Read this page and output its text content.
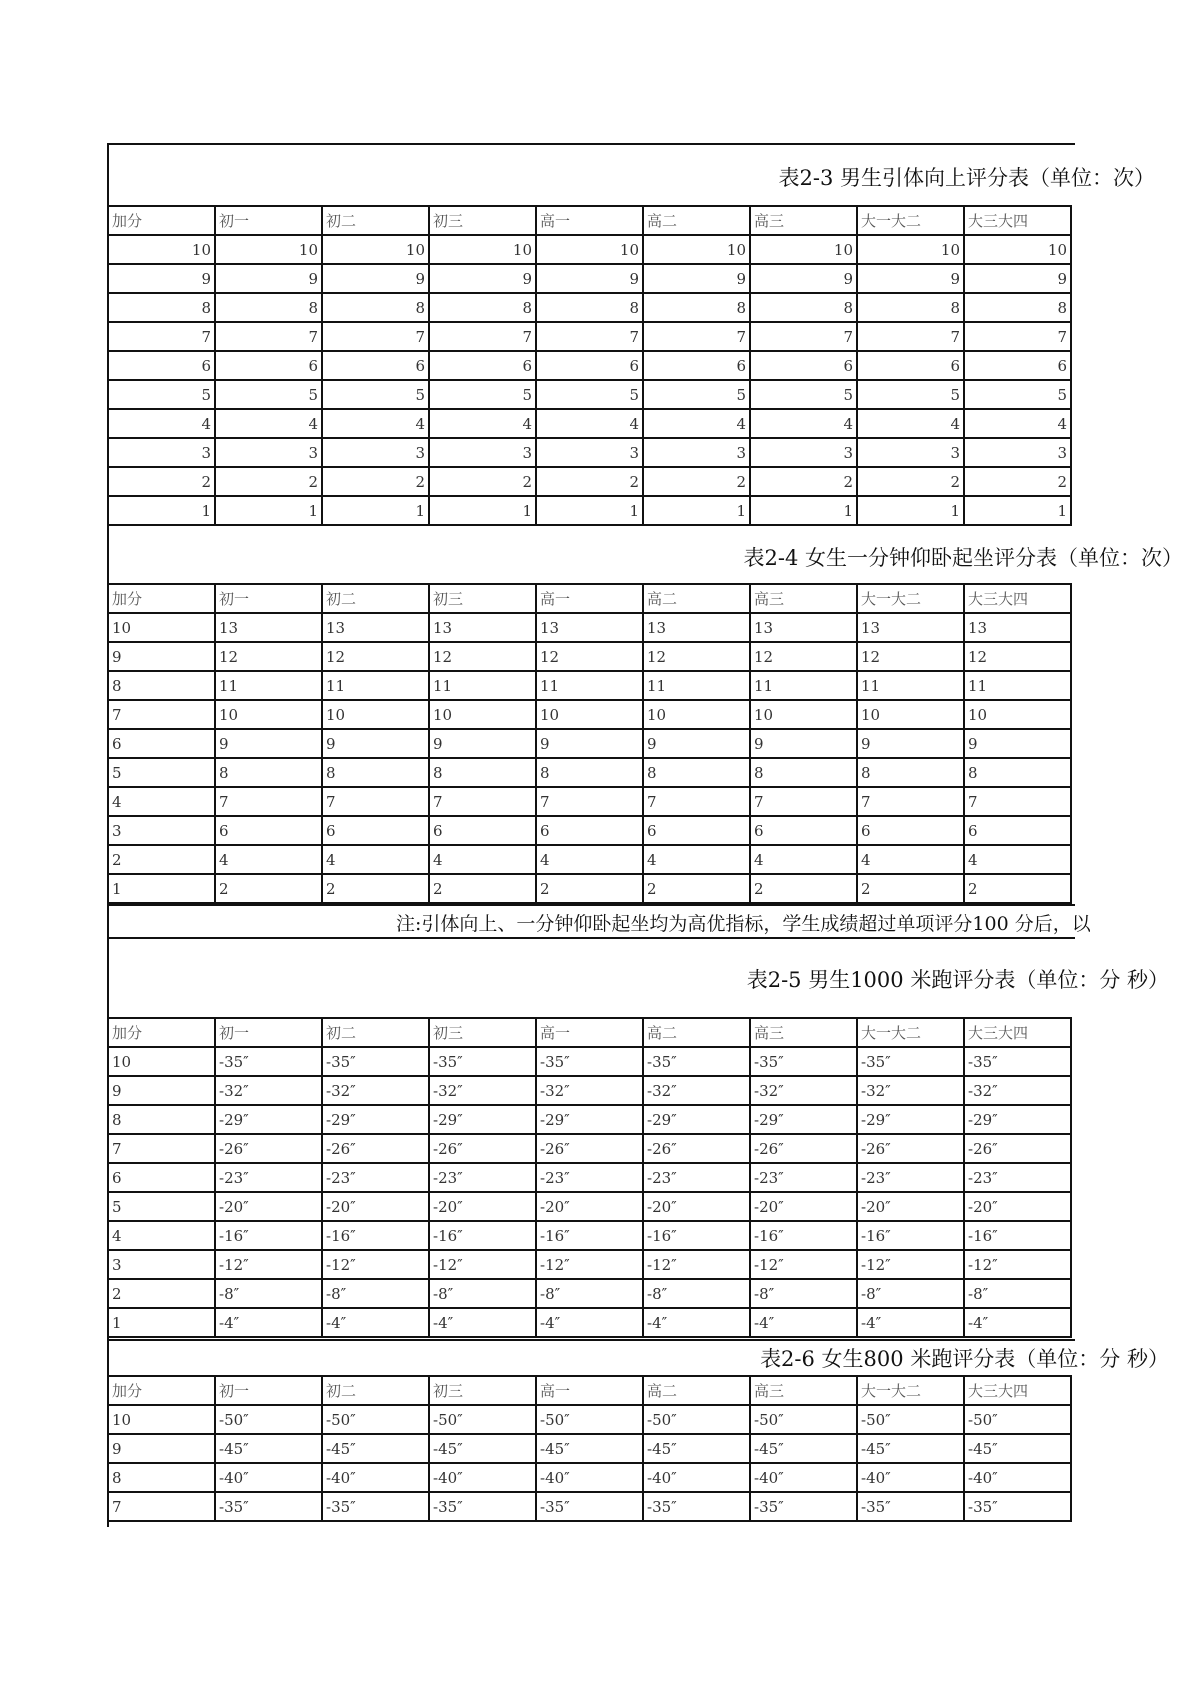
表2-3 男生引体向上评分表（单位：次）
加分	初一	初二	初三	高一	高二	高三	大一大二	大三大四
10	10	10	10	10	10	10	10	10
9	9	9	9	9	9	9	9	9
8	8	8	8	8	8	8	8	8
7	7	7	7	7	7	7	7	7
6	6	6	6	6	6	6	6	6
5	5	5	5	5	5	5	5	5
4	4	4	4	4	4	4	4	4
3	3	3	3	3	3	3	3	3
2	2	2	2	2	2	2	2	2
1	1	1	1	1	1	1	1	1
表2-4 女生一分钟仰卧起坐评分表（单位：次）
加分	初一	初二	初三	高一	高二	高三	大一大二	大三大四
10	13	13	13	13	13	13	13	13
9	12	12	12	12	12	12	12	12
8	11	11	11	11	11	11	11	11
7	10	10	10	10	10	10	10	10
6	9	9	9	9	9	9	9	9
5	8	8	8	8	8	8	8	8
4	7	7	7	7	7	7	7	7
3	6	6	6	6	6	6	6	6
2	4	4	4	4	4	4	4	4
1	2	2	2	2	2	2	2	2
注:引体向上、一分钟仰卧起坐均为高优指标，学生成绩超过单项评分100 分后，以
表2-5 男生1000 米跑评分表（单位：分 秒）
加分	初一	初二	初三	高一	高二	高三	大一大二	大三大四
10	-35″	-35″	-35″	-35″	-35″	-35″	-35″	-35″
9	-32″	-32″	-32″	-32″	-32″	-32″	-32″	-32″
8	-29″	-29″	-29″	-29″	-29″	-29″	-29″	-29″
7	-26″	-26″	-26″	-26″	-26″	-26″	-26″	-26″
6	-23″	-23″	-23″	-23″	-23″	-23″	-23″	-23″
5	-20″	-20″	-20″	-20″	-20″	-20″	-20″	-20″
4	-16″	-16″	-16″	-16″	-16″	-16″	-16″	-16″
3	-12″	-12″	-12″	-12″	-12″	-12″	-12″	-12″
2	-8″	-8″	-8″	-8″	-8″	-8″	-8″	-8″
1	-4″	-4″	-4″	-4″	-4″	-4″	-4″	-4″
表2-6 女生800 米跑评分表（单位：分 秒）
加分	初一	初二	初三	高一	高二	高三	大一大二	大三大四
10	-50″	-50″	-50″	-50″	-50″	-50″	-50″	-50″
9	-45″	-45″	-45″	-45″	-45″	-45″	-45″	-45″
8	-40″	-40″	-40″	-40″	-40″	-40″	-40″	-40″
7	-35″	-35″	-35″	-35″	-35″	-35″	-35″	-35″
